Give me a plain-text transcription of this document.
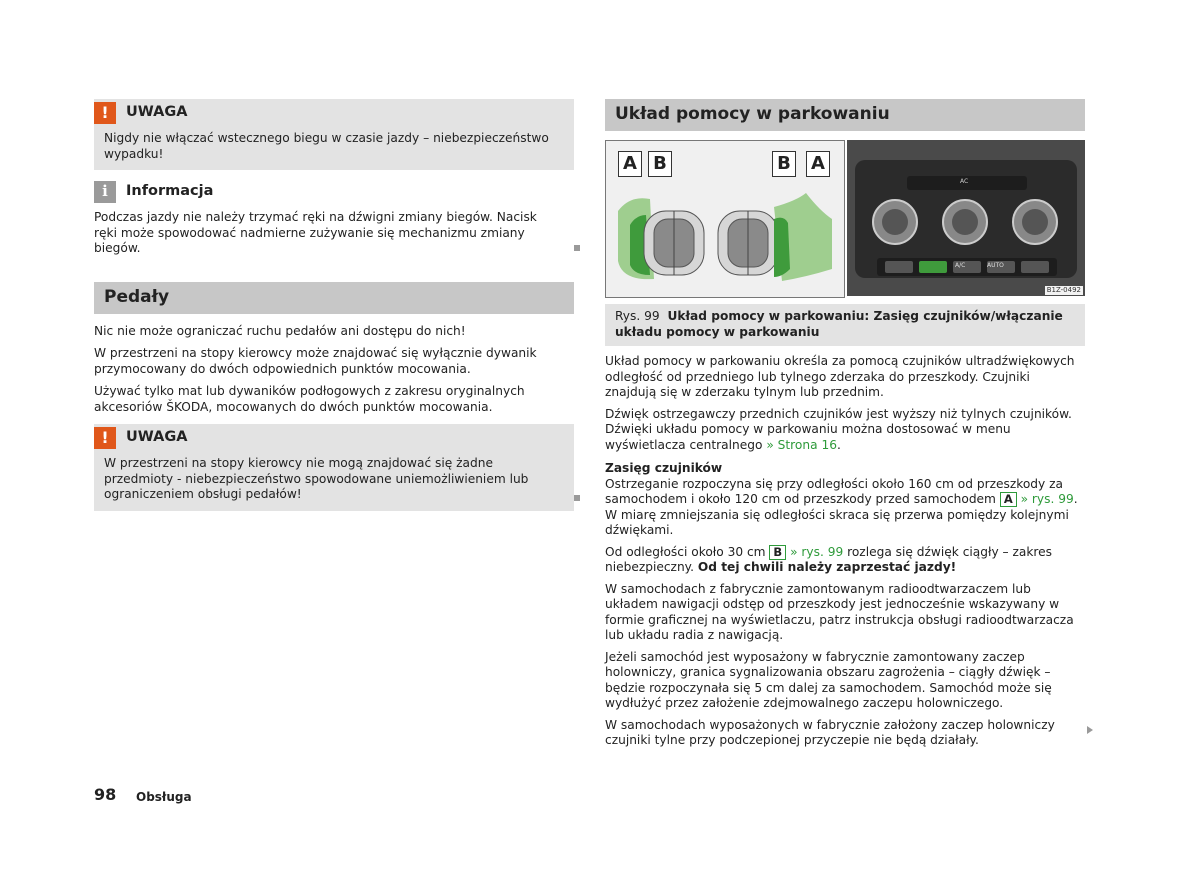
!	UWAGA

Nigdy nie włączać wstecznego biegu w czasie jazdy – niebezpieczeństwo wypadku!

i	Informacja

Podczas jazdy nie należy trzymać ręki na dźwigni zmiany biegów. Nacisk ręki może spowodować nadmierne zużywanie się mechanizmu zmiany biegów.

Pedały

Nic nie może ograniczać ruchu pedałów ani dostępu do nich!

W przestrzeni na stopy kierowcy może znajdować się wyłącznie dywanik przymocowany do dwóch odpowiednich punktów mocowania.

Używać tylko mat lub dywaników podłogowych z zakresu oryginalnych akcesoriów ŠKODA, mocowanych do dwóch punktów mocowania.

!	UWAGA

W przestrzeni na stopy kierowcy nie mogą znajdować się żadne przedmioty - niebezpieczeństwo spowodowane uniemożliwieniem lub ograniczeniem obsługi pedałów!

Układ pomocy w parkowaniu
A B	B A
AC
A/C	AUTO
B1Z-0492
Rys. 99 Układ pomocy w parkowaniu: Zasięg czujników/włączanie układu pomocy w parkowaniu

Układ pomocy w parkowaniu określa za pomocą czujników ultradźwiękowych odległość od przedniego lub tylnego zderzaka do przeszkody. Czujniki znajdują się w zderzaku tylnym lub przednim.

Dźwięk ostrzegawczy przednich czujników jest wyższy niż tylnych czujników. Dźwięki układu pomocy w parkowaniu można dostosować w menu wyświetlacza centralnego » Strona 16.

Zasięg czujników

Ostrzeganie rozpoczyna się przy odległości około 160 cm od przeszkody za samochodem i około 120 cm od przeszkody przed samochodem A » rys. 99. W miarę zmniejszania się odległości skraca się przerwa pomiędzy kolejnymi dźwiękami.

Od odległości około 30 cm B » rys. 99 rozlega się dźwięk ciągły – zakres niebezpieczny. Od tej chwili należy zaprzestać jazdy!

W samochodach z fabrycznie zamontowanym radioodtwarzaczem lub układem nawigacji odstęp od przeszkody jest jednocześnie wskazywany w formie graficznej na wyświetlaczu, patrz instrukcja obsługi radioodtwarzacza lub układu radia z nawigacją.

Jeżeli samochód jest wyposażony w fabrycznie zamontowany zaczep holowniczy, granica sygnalizowania obszaru zagrożenia – ciągły dźwięk – będzie rozpoczynała się 5 cm dalej za samochodem. Samochód może się wydłużyć przez założenie zdejmowalnego zaczepu holowniczego.

W samochodach wyposażonych w fabrycznie założony zaczep holowniczy czujniki tylne przy podczepionej przyczepie nie będą działały.

98 Obsługa
